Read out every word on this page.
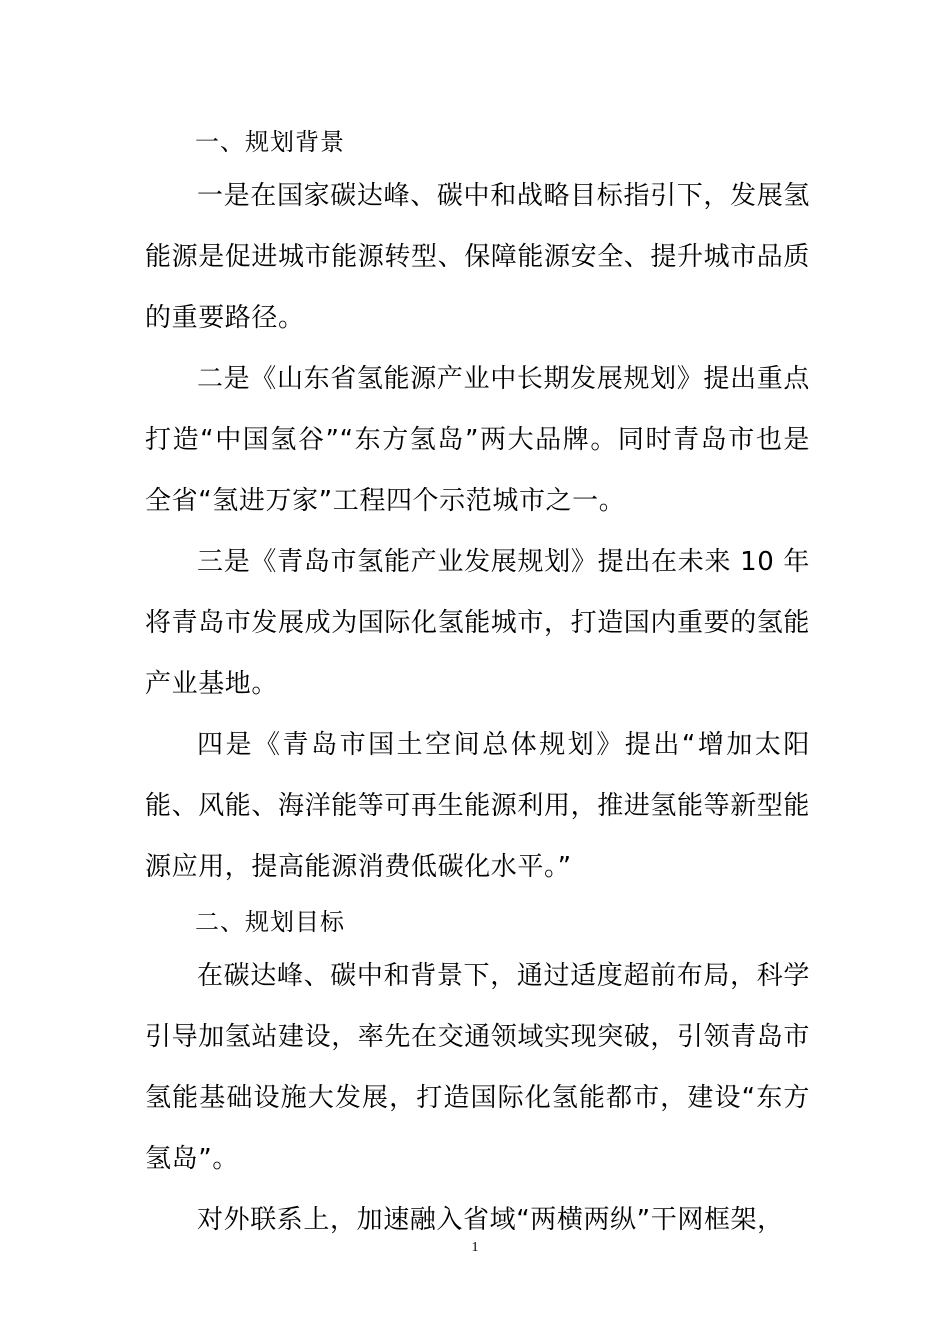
一、规划背景

一是在国家碳达峰、碳中和战略目标指引下，发展氢能源是促进城市能源转型、保障能源安全、提升城市品质的重要路径。

二是《山东省氢能源产业中长期发展规划》提出重点打造“中国氢谷”“东方氢岛”两大品牌。同时青岛市也是全省“氢进万家”工程四个示范城市之一。

三是《青岛市氢能产业发展规划》提出在未来 10 年将青岛市发展成为国际化氢能城市，打造国内重要的氢能产业基地。

四是《青岛市国土空间总体规划》提出“增加太阳能、风能、海洋能等可再生能源利用，推进氢能等新型能源应用，提高能源消费低碳化水平。”

二、规划目标

在碳达峰、碳中和背景下，通过适度超前布局，科学引导加氢站建设，率先在交通领域实现突破，引领青岛市氢能基础设施大发展，打造国际化氢能都市，建设“东方氢岛”。

对外联系上，加速融入省域“两横两纵”干网框架，

1
